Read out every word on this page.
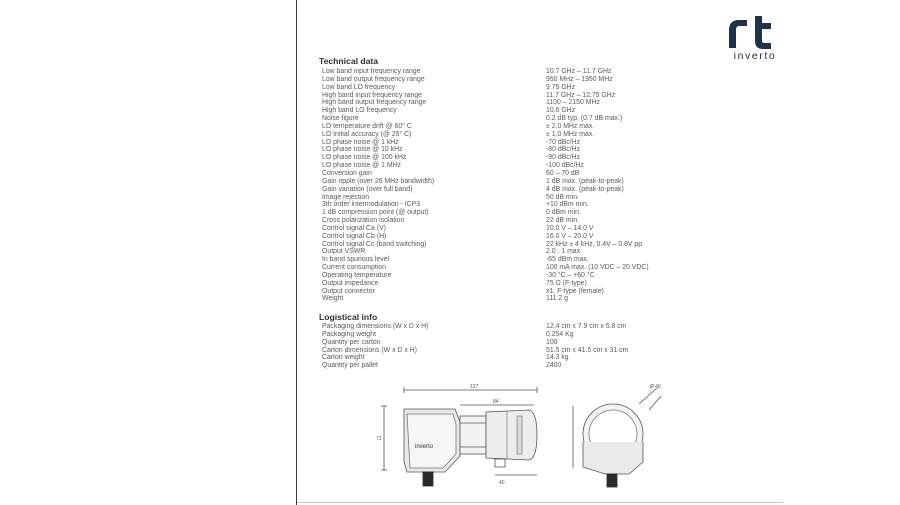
inverto
Technical data
Low band input frequency range	10.7 GHz – 11.7 GHz
Low band output frequency range	950 MHz – 1950 MHz
Low band LO frequency	9.75 GHz
High band input frequency range	11.7 GHz – 12.75 GHz
High band output frequency range	1100 – 2150 MHz
High band LO frequency	10.6 GHz
Noise figure	0.2 dB typ. (0.7 dB max.)
LO temperature drift @ 60° C	± 2.0 MHz max.
LO Initial accuracy (@ 25° C)	± 1.0 MHz max.
LO phase noise @ 1 kHz	-70 dBc/Hz
LO phase noise @ 10 kHz	-80 dBc/Hz
LO phase noise @ 100 kHz	-90 dBc/Hz
LO phase noise @ 1 MHz	-100 dBc/Hz
Conversion gain	60 – 70 dB
Gain ripple (over 26 MHz bandwidth)	1 dB max. (peak-to-peak)
Gain variation (over full band)	4 dB max. (peak-to-peak)
Image rejection	50 dB min.
3th order intermodulation - ICP3	+10 dBm min.
1 dB compression point (@ output)	0 dBm min.
Cross polarization isolation	22 dB min.
Control signal Ca (V)	10.0 V – 14.0 V
Control signal Cb (H)	16.0 V – 20.0 V
Control signal Cc (band switching)	22 kHz ± 4 kHz, 0.4V – 0.8V pp
Output VSWR	2.0 : 1 max.
In band spurious level	-65 dBm max.
Current consumption	100 mA max. (10 VDC – 20 VDC)
Operating temperature	-30 °C – +60 °C
Output impedance	75 Ω (F-type)
Output connector	x1, F-type (female)
Weight	111.2 g
Logistical info
Packaging dimensions (W x D x H)	12.4 cm x 7.9 cm x 5.8 cm
Packaging weight	0.254 Kg
Quantity per carton	100
Carton dimensions (W x D x H)	51.5 cm x 41.5 cm x 31 cm
Carton weight	14.3 kg
Quantity per pallet	2400
127
84
71
Ø 40
inverto
40
